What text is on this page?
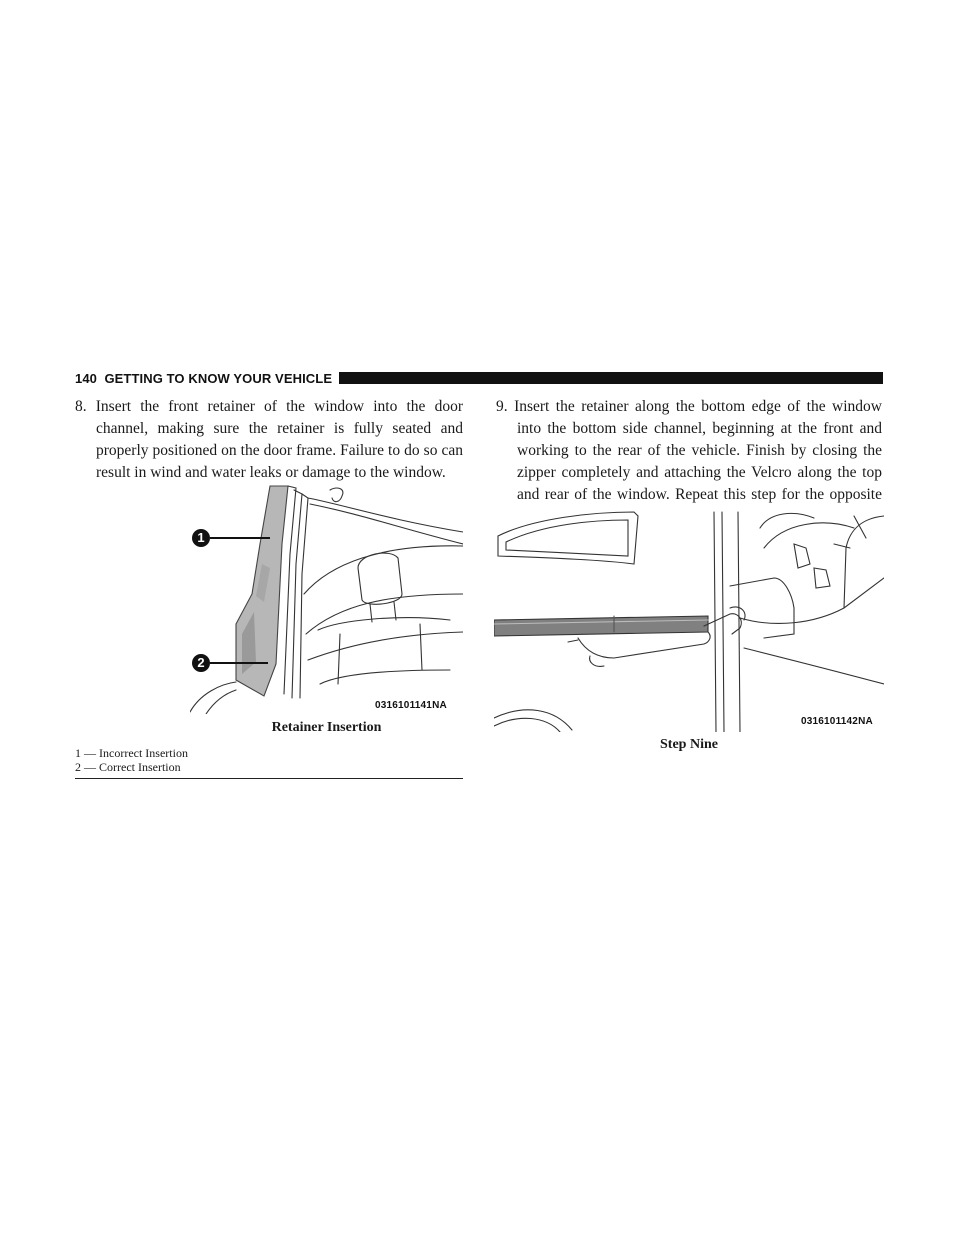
140 GETTING TO KNOW YOUR VEHICLE

8. Insert the front retainer of the window into the door channel, making sure the retainer is fully seated and properly positioned on the door frame. Failure to do so can result in wind and water leaks or damage to the window.

9. Insert the retainer along the bottom edge of the window into the bottom side channel, beginning at the front and working to the rear of the vehicle. Finish by closing the zipper completely and attaching the Velcro along the top and rear of the window. Repeat this step for the opposite

1
2
0316101141NA
Retainer Insertion

1 — Incorrect Insertion

2 — Correct Insertion

0316101142NA
Step Nine
